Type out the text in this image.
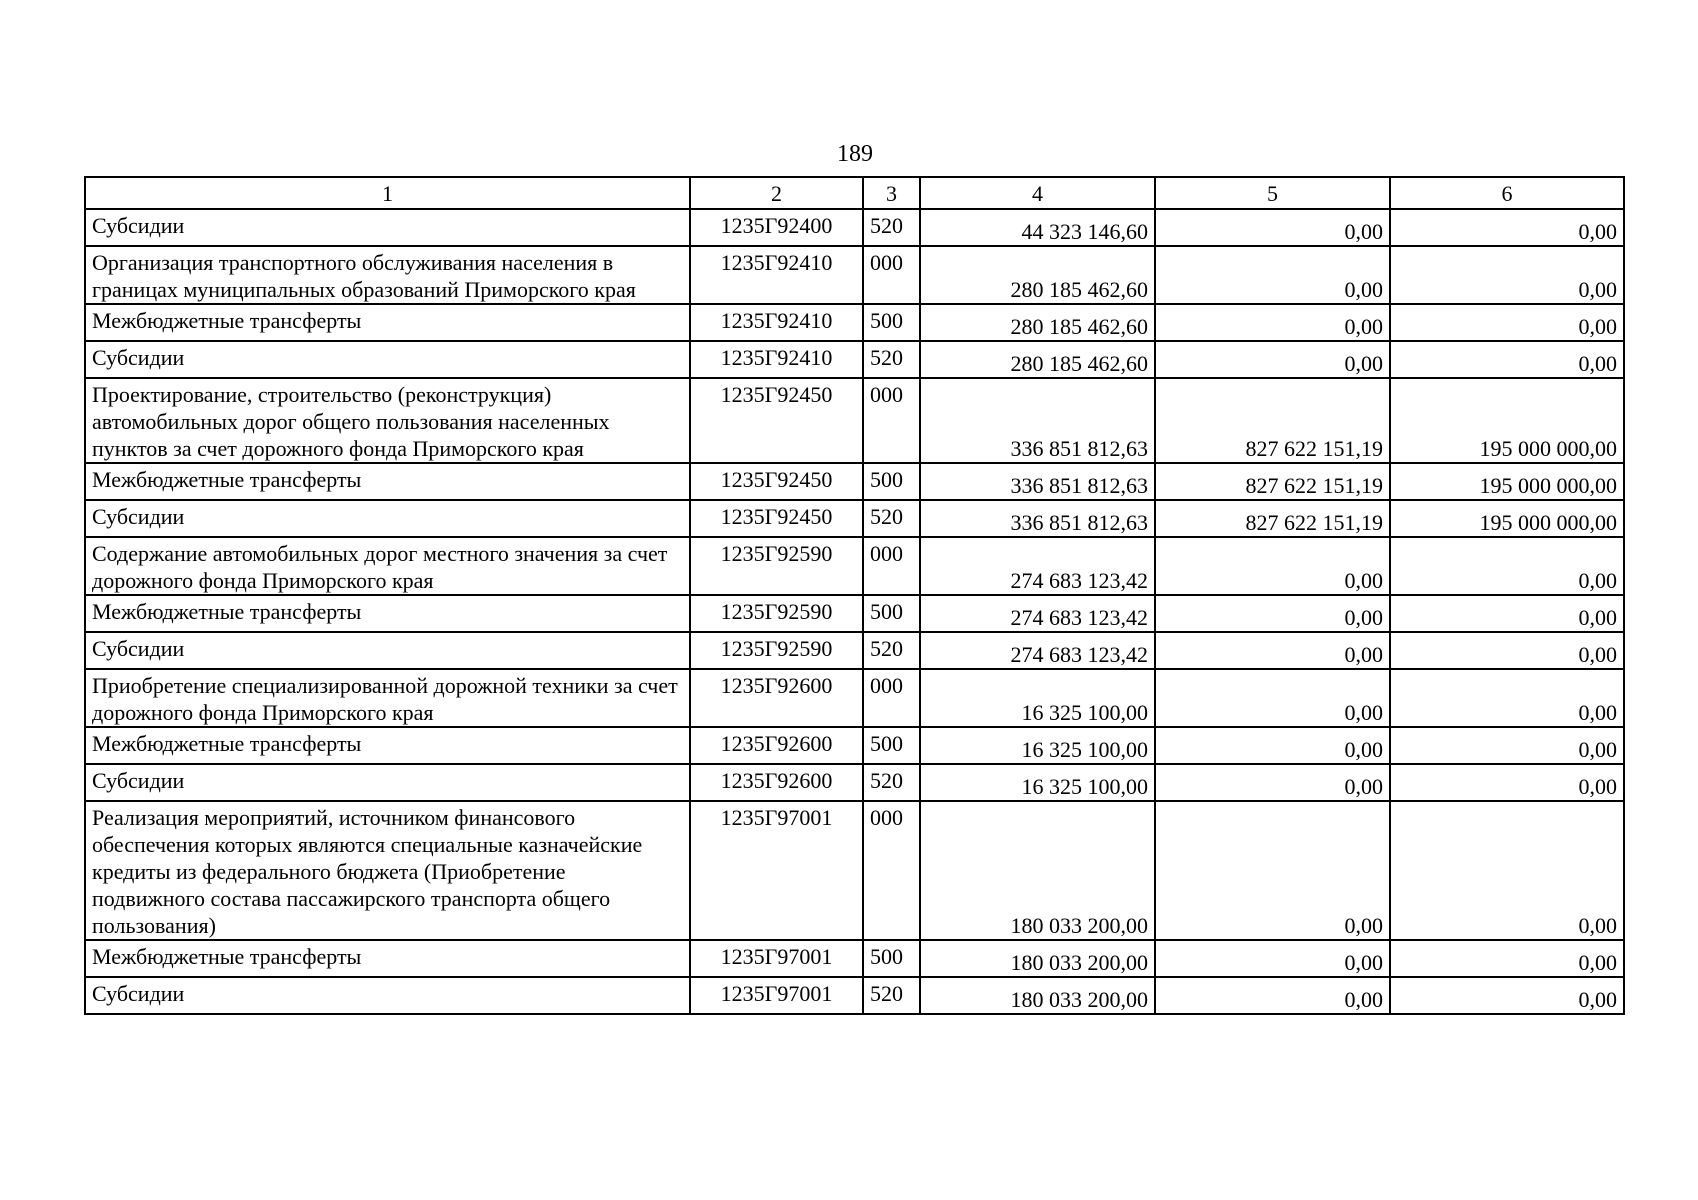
189
1	2	3	4	5	6
Субсидии	1235Г92400	520	44 323 146,60	0,00	0,00
Организация транспортного обслуживания населения в границах муниципальных образований Приморского края	1235Г92410	000	280 185 462,60	0,00	0,00
Межбюджетные трансферты	1235Г92410	500	280 185 462,60	0,00	0,00
Субсидии	1235Г92410	520	280 185 462,60	0,00	0,00
Проектирование, строительство (реконструкция) автомобильных дорог общего пользования населенных пунктов за счет дорожного фонда Приморского края	1235Г92450	000	336 851 812,63	827 622 151,19	195 000 000,00
Межбюджетные трансферты	1235Г92450	500	336 851 812,63	827 622 151,19	195 000 000,00
Субсидии	1235Г92450	520	336 851 812,63	827 622 151,19	195 000 000,00
Содержание автомобильных дорог местного значения за счет дорожного фонда Приморского края	1235Г92590	000	274 683 123,42	0,00	0,00
Межбюджетные трансферты	1235Г92590	500	274 683 123,42	0,00	0,00
Субсидии	1235Г92590	520	274 683 123,42	0,00	0,00
Приобретение специализированной дорожной техники за счет дорожного фонда Приморского края	1235Г92600	000	16 325 100,00	0,00	0,00
Межбюджетные трансферты	1235Г92600	500	16 325 100,00	0,00	0,00
Субсидии	1235Г92600	520	16 325 100,00	0,00	0,00
Реализация мероприятий, источником финансового обеспечения которых являются специальные казначейские кредиты из федерального бюджета (Приобретение подвижного состава пассажирского транспорта общего пользования)	1235Г97001	000	180 033 200,00	0,00	0,00
Межбюджетные трансферты	1235Г97001	500	180 033 200,00	0,00	0,00
Субсидии	1235Г97001	520	180 033 200,00	0,00	0,00
